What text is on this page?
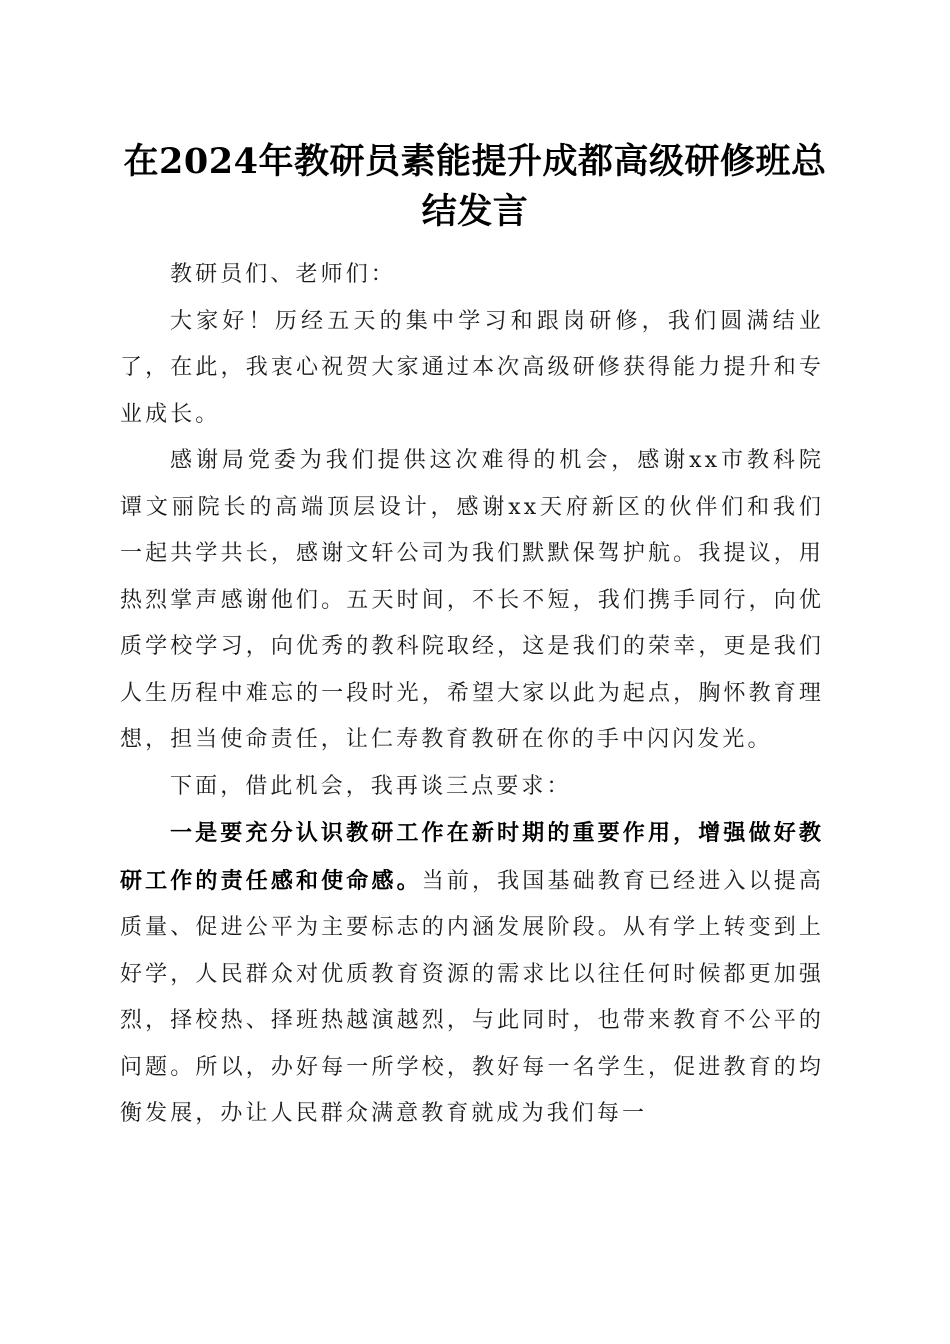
在2024年教研员素能提升成都高级研修班总结发言

教研员们、老师们：

大家好！历经五天的集中学习和跟岗研修，我们圆满结业了，在此，我衷心祝贺大家通过本次高级研修获得能力提升和专业成长。

感谢局党委为我们提供这次难得的机会，感谢xx市教科院谭文丽院长的高端顶层设计，感谢xx天府新区的伙伴们和我们一起共学共长，感谢文轩公司为我们默默保驾护航。我提议，用热烈掌声感谢他们。五天时间，不长不短，我们携手同行，向优质学校学习，向优秀的教科院取经，这是我们的荣幸，更是我们人生历程中难忘的一段时光，希望大家以此为起点，胸怀教育理想，担当使命责任，让仁寿教育教研在你的手中闪闪发光。

下面，借此机会，我再谈三点要求：

一是要充分认识教研工作在新时期的重要作用，增强做好教研工作的责任感和使命感。当前，我国基础教育已经进入以提高质量、促进公平为主要标志的内涵发展阶段。从有学上转变到上好学，人民群众对优质教育资源的需求比以往任何时候都更加强烈，择校热、择班热越演越烈，与此同时，也带来教育不公平的问题。所以，办好每一所学校，教好每一名学生，促进教育的均衡发展，办让人民群众满意教育就成为我们每一
